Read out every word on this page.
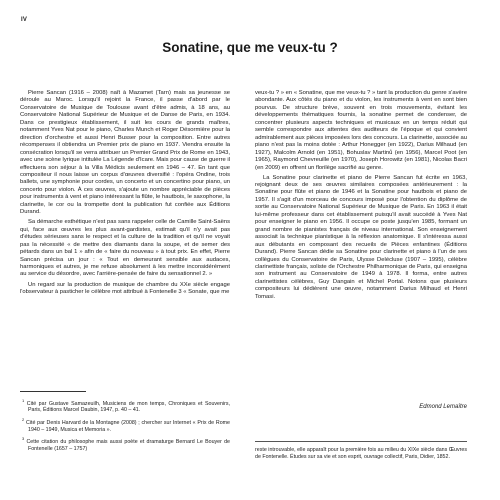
IV
Sonatine, que me veux-tu ?

Pierre Sancan (1916 – 2008) naît à Mazamet (Tarn) mais sa jeunesse se déroule au Maroc. Lorsqu'il rejoint la France, il passe d'abord par le Conservatoire de Musique de Toulouse avant d'être admis, à 18 ans, au Conservatoire National Supérieur de Musique et de Danse de Paris, en 1934. Dans ce prestigieux établissement, il suit les cours de grands maîtres, notamment Yves Nat pour le piano, Charles Munch et Roger Désormière pour la direction d'orchestre et aussi Henri Busser pour la composition. Entre autres récompenses il obtiendra un Premier prix de piano en 1937. Viendra ensuite la consécration lorsqu'il se verra attribuer un Premier Grand Prix de Rome en 1943, avec une scène lyrique intitulée La Légende d'Icare. Mais pour cause de guerre il effectuera son séjour à la Villa Médicis seulement en 1946 – 47. En tant que compositeur il nous laisse un corpus d'œuvres diversifié : l'opéra Ondine, trois ballets, une symphonie pour cordes, un concerto et un concertino pour piano, un concerto pour violon. À ces œuvres, s'ajoute un nombre appréciable de pièces pour instruments à vent et piano intéressant la flûte, le hautbois, le saxophone, la clarinette, le cor ou la trompette dont la publication fut confiée aux Éditions Durand.

Sa démarche esthétique n'est pas sans rappeler celle de Camille Saint-Saëns qui, face aux œuvres les plus avant-gardistes, estimait qu'il n'y avait pas d'études sérieuses sans le respect et la culture de la tradition et qu'il ne voyait pas la nécessité « de mettre des diamants dans la soupe, et de semer des pétards dans un bal 1 » afin de « faire du nouveau » à tout prix. En effet, Pierre Sancan précisa un jour : « Tout en demeurant sensible aux audaces, harmoniques et autres, je me refuse absolument à les mettre inconsidérément au service du désordre, avec l'arrière-pensée de faire du sensationnel 2. »

Un regard sur la production de musique de chambre du XXe siècle engage l'observateur à pasticher le célèbre mot attribué à Fontenelle 3 « Sonate, que me

veux-tu ? » en « Sonatine, que me veux-tu ? » tant la production du genre s'avère abondante. Aux côtés du piano et du violon, les instruments à vent en sont bien pourvus. De structure brève, souvent en trois mouvements, évitant les développements thématiques fournis, la sonatine permet de condenser, de concentrer plusieurs aspects techniques et musicaux en un temps réduit qui semble correspondre aux attentes des auditeurs de l'époque et qui convient admirablement aux pièces imposées lors des concours. La clarinette, associée au piano n'est pas la moins dotée : Arthur Honegger (en 1922), Darius Milhaud (en 1927), Malcolm Arnold (en 1951), Bohuslav Martinů (en 1956), Marcel Poot (en 1965), Raymond Chevreuille (en 1970), Joseph Horowitz (en 1981), Nicolas Bacri (en 2009) en offrent un florilège sacrifié au genre.

La Sonatine pour clarinette et piano de Pierre Sancan fut écrite en 1963, rejoignant deux de ses œuvres similaires composées antérieurement : la Sonatine pour flûte et piano de 1946 et la Sonatine pour hautbois et piano de 1957. Il s'agit d'un morceau de concours imposé pour l'obtention du diplôme de sortie au Conservatoire National Supérieur de Musique de Paris. En 1963 il était lui-même professeur dans cet établissement puisqu'il avait succédé à Yves Nat pour enseigner le piano en 1956. Il occupe ce poste jusqu'en 1985, formant un grand nombre de pianistes français de niveau international. Son enseignement associait la technique pianistique à la réflexion anatomique. Il s'intéressa aussi aux débutants en composant des recueils de Pièces enfantines (Éditions Durand). Pierre Sancan dédie sa Sonatine pour clarinette et piano à l'un de ses collègues du Conservatoire de Paris, Ulysse Delécluse (1907 – 1995), célèbre clarinettiste français, soliste de l'Orchestre Philharmonique de Paris, qui enseigna son instrument au Conservatoire de 1949 à 1978. Il forma, entre autres clarinettistes célèbres, Guy Dangain et Michel Portal. Notons que plusieurs compositeurs lui dédièrent une œuvre, notamment Darius Milhaud et Henri Tomasi.

Edmond Lemaître
$^1$ Cité par Gustave Samazeuilh, Musiciens de mon temps, Chroniques et Souvenirs, Paris, Éditions Marcel Daubin, 1947, p. 40 – 41.
$^2$ Cité par Denis Harvard de la Montagne (2008) ; chercher sur Internet « Prix de Rome 1940 – 1949, Musica et Memoria ».
$^3$ Cette citation du philosophe mais aussi poète et dramaturge Bernard Le Bouyer de Fontenelle (1657 – 1757)	reste introuvable, elle apparaît pour la première fois au milieu du XIXe siècle dans Œuvres de Fontenelle. Études sur sa vie et son esprit, ouvrage collectif, Paris, Didier, 1852.
